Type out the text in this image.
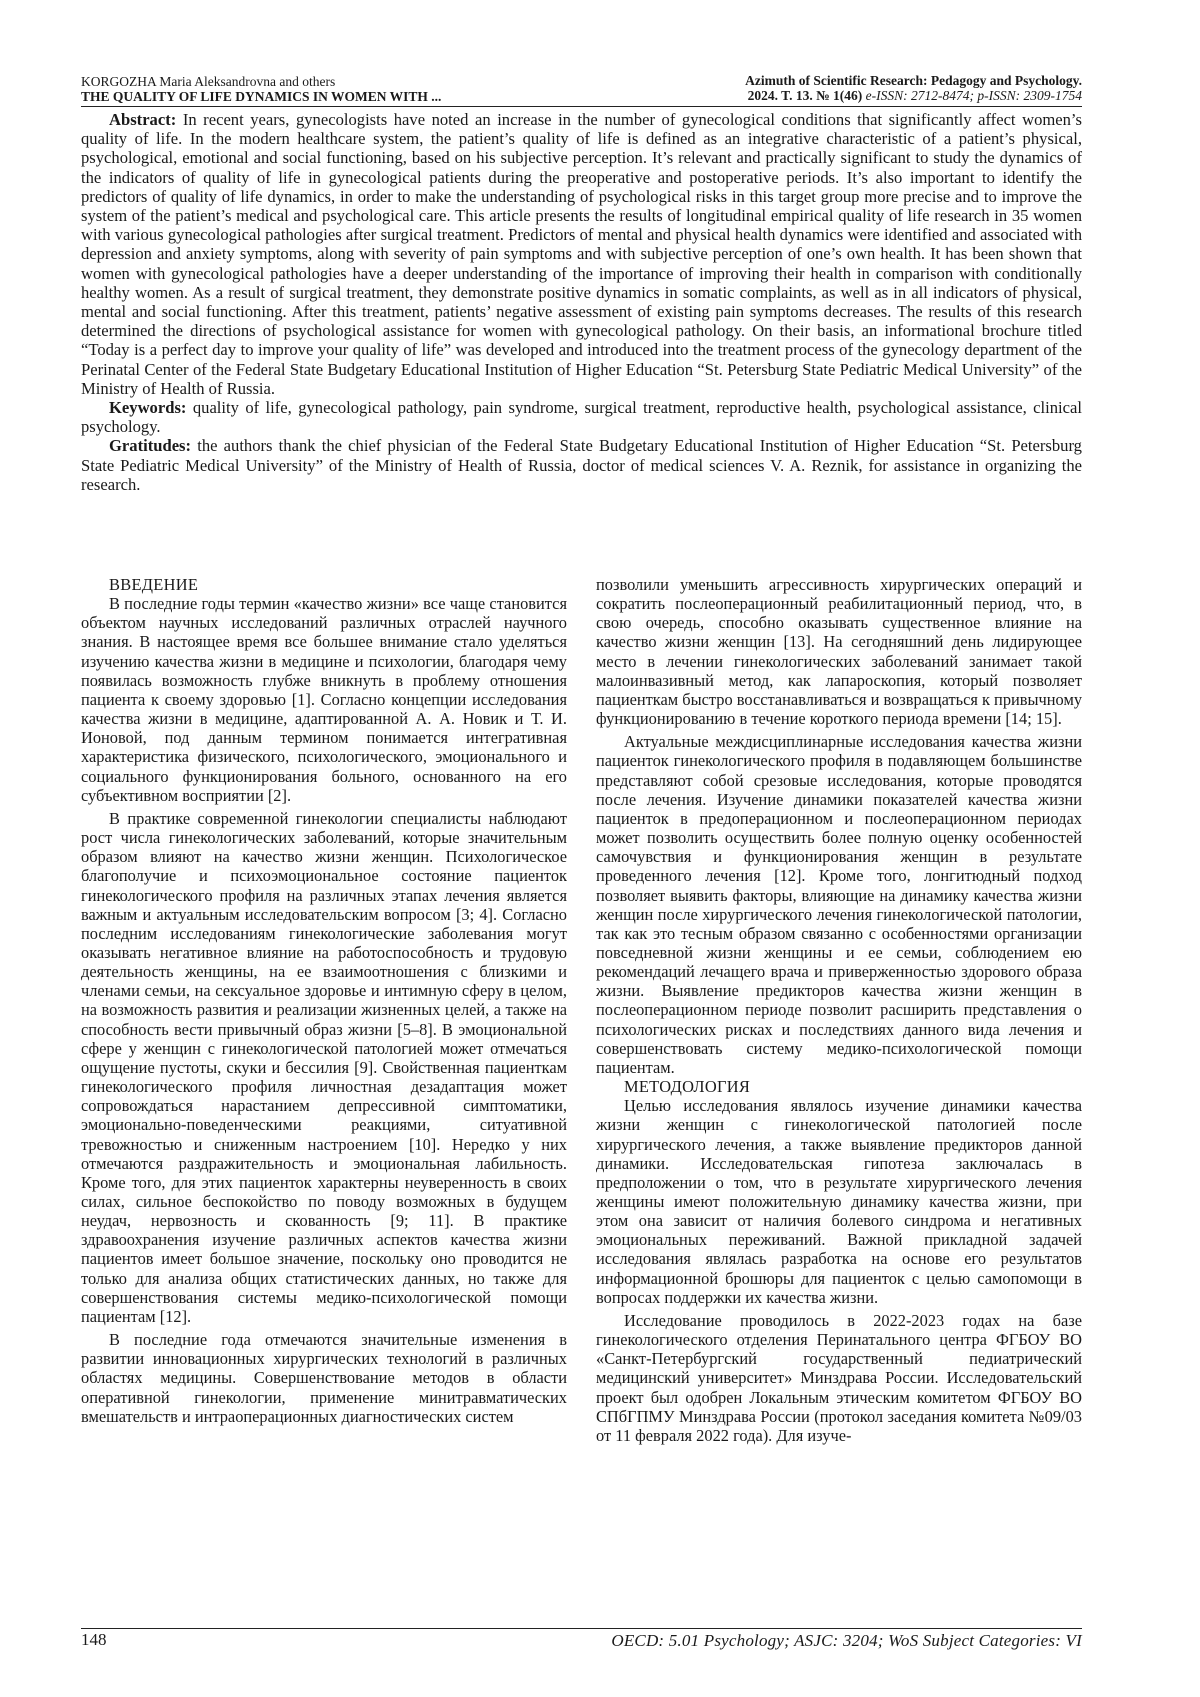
KORGOZHA Maria Aleksandrovna and others
THE QUALITY OF LIFE DYNAMICS IN WOMEN WITH ...
Azimuth of Scientific Research: Pedagogy and Psychology.
2024. T. 13. № 1(46) e-ISSN: 2712-8474; p-ISSN: 2309-1754

Abstract: In recent years, gynecologists have noted an increase in the number of gynecological conditions that significantly affect women’s quality of life. In the modern healthcare system, the patient’s quality of life is defined as an integrative characteristic of a patient’s physical, psychological, emotional and social functioning, based on his subjective perception. It’s relevant and practically significant to study the dynamics of the indicators of quality of life in gynecological patients during the preoperative and postoperative periods. It’s also important to identify the predictors of quality of life dynamics, in order to make the understanding of psychological risks in this target group more precise and to improve the system of the patient’s medical and psychological care. This article presents the results of longitudinal empirical quality of life research in 35 women with various gynecological pathologies after surgical treatment. Predictors of mental and physical health dynamics were identified and associated with depression and anxiety symptoms, along with severity of pain symptoms and with subjective perception of one’s own health. It has been shown that women with gynecological pathologies have a deeper understanding of the importance of improving their health in comparison with conditionally healthy women. As a result of surgical treatment, they demonstrate positive dynamics in somatic complaints, as well as in all indicators of physical, mental and social functioning. After this treatment, patients’ negative assessment of existing pain symptoms decreases. The results of this research determined the directions of psychological assistance for women with gynecological pathology. On their basis, an informational brochure titled “Today is a perfect day to improve your quality of life” was developed and introduced into the treatment process of the gynecology department of the Perinatal Center of the Federal State Budgetary Educational Institution of Higher Education “St. Petersburg State Pediatric Medical University” of the Ministry of Health of Russia.

Keywords: quality of life, gynecological pathology, pain syndrome, surgical treatment, reproductive health, psychological assistance, clinical psychology.

Gratitudes: the authors thank the chief physician of the Federal State Budgetary Educational Institution of Higher Education “St. Petersburg State Pediatric Medical University” of the Ministry of Health of Russia, doctor of medical sciences V. A. Reznik, for assistance in organizing the research.

ВВЕДЕНИЕ

В последние годы термин «качество жизни» все чаще становится объектом научных исследований различных отраслей научного знания. В настоящее время все большее внимание стало уделяться изучению качества жизни в медицине и психологии, благодаря чему появилась возможность глубже вникнуть в проблему отношения пациента к своему здоровью [1]. Согласно концепции исследования качества жизни в медицине, адаптированной А. А. Новик и Т. И. Ионовой, под данным термином понимается интегративная характеристика физического, психологического, эмоционального и социального функционирования больного, основанного на его субъективном восприятии [2].

В практике современной гинекологии специалисты наблюдают рост числа гинекологических заболеваний, которые значительным образом влияют на качество жизни женщин. Психологическое благополучие и психоэмоциональное состояние пациенток гинекологического профиля на различных этапах лечения является важным и актуальным исследовательским вопросом [3; 4]. Согласно последним исследованиям гинекологические заболевания могут оказывать негативное влияние на работоспособность и трудовую деятельность женщины, на ее взаимоотношения с близкими и членами семьи, на сексуальное здоровье и интимную сферу в целом, на возможность развития и реализации жизненных целей, а также на способность вести привычный образ жизни [5–8]. В эмоциональной сфере у женщин с гинекологической патологией может отмечаться ощущение пустоты, скуки и бессилия [9]. Свойственная пациенткам гинекологического профиля личностная дезадаптация может сопровождаться нарастанием депрессивной симптоматики, эмоционально-поведенческими реакциями, ситуативной тревожностью и сниженным настроением [10]. Нередко у них отмечаются раздражительность и эмоциональная лабильность. Кроме того, для этих пациенток характерны неуверенность в своих силах, сильное беспокойство по поводу возможных в будущем неудач, нервозность и скованность [9; 11]. В практике здравоохранения изучение различных аспектов качества жизни пациентов имеет большое значение, поскольку оно проводится не только для анализа общих статистических данных, но также для совершенствования системы медико-психологической помощи пациентам [12].

В последние года отмечаются значительные изменения в развитии инновационных хирургических технологий в различных областях медицины. Совершенствование методов в области оперативной гинекологии, применение минитравматических вмешательств и интраоперационных диагностических систем

позволили уменьшить агрессивность хирургических операций и сократить послеоперационный реабилитационный период, что, в свою очередь, способно оказывать существенное влияние на качество жизни женщин [13]. На сегодняшний день лидирующее место в лечении гинекологических заболеваний занимает такой малоинвазивный метод, как лапароскопия, который позволяет пациенткам быстро восстанавливаться и возвращаться к привычному функционированию в течение короткого периода времени [14; 15].

Актуальные междисциплинарные исследования качества жизни пациенток гинекологического профиля в подавляющем большинстве представляют собой срезовые исследования, которые проводятся после лечения. Изучение динамики показателей качества жизни пациенток в предоперационном и послеоперационном периодах может позволить осуществить более полную оценку особенностей самочувствия и функционирования женщин в результате проведенного лечения [12]. Кроме того, лонгитюдный подход позволяет выявить факторы, влияющие на динамику качества жизни женщин после хирургического лечения гинекологической патологии, так как это тесным образом связанно с особенностями организации повседневной жизни женщины и ее семьи, соблюдением ею рекомендаций лечащего врача и приверженностью здорового образа жизни. Выявление предикторов качества жизни женщин в послеоперационном периоде позволит расширить представления о психологических рисках и последствиях данного вида лечения и совершенствовать систему медико-психологической помощи пациентам.

МЕТОДОЛОГИЯ

Целью исследования являлось изучение динамики качества жизни женщин с гинекологической патологией после хирургического лечения, а также выявление предикторов данной динамики. Исследовательская гипотеза заключалась в предположении о том, что в результате хирургического лечения женщины имеют положительную динамику качества жизни, при этом она зависит от наличия болевого синдрома и негативных эмоциональных переживаний. Важной прикладной задачей исследования являлась разработка на основе его результатов информационной брошюры для пациенток с целью самопомощи в вопросах поддержки их качества жизни.

Исследование проводилось в 2022-2023 годах на базе гинекологического отделения Перинатального центра ФГБОУ ВО «Санкт-Петербургский государственный педиатрический медицинский университет» Минздрава России. Исследовательский проект был одобрен Локальным этическим комитетом ФГБОУ ВО СПбГПМУ Минздрава России (протокол заседания комитета №09/03 от 11 февраля 2022 года). Для изуче-

148	OECD: 5.01 Psychology; ASJC: 3204; WoS Subject Categories: VI
